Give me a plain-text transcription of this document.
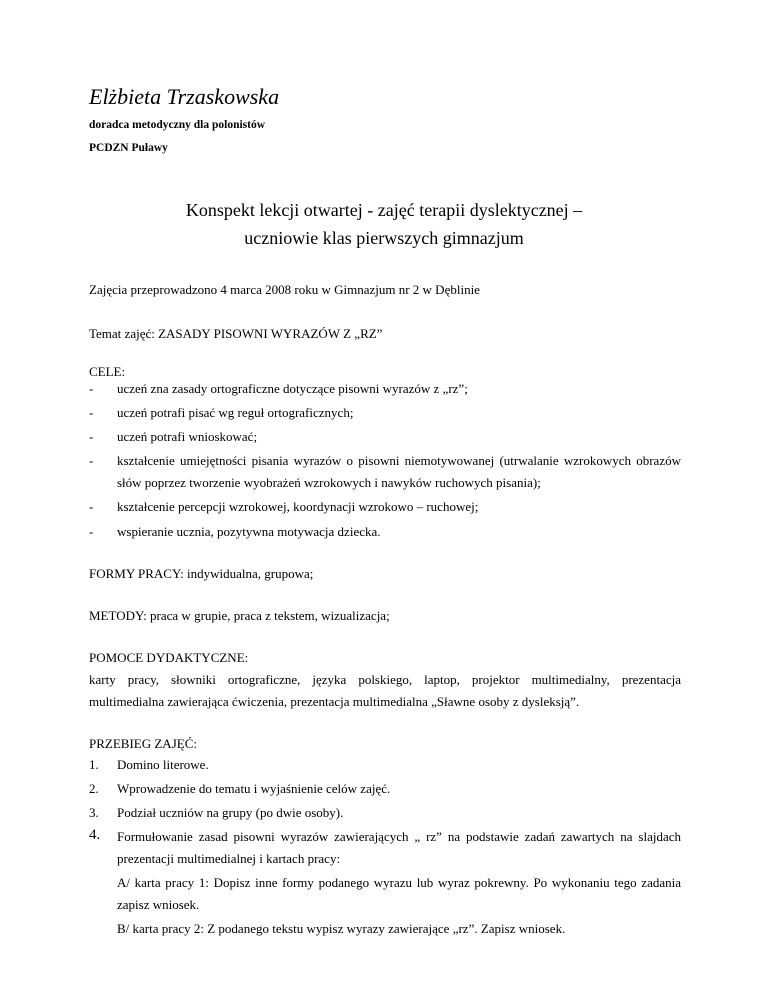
Elżbieta Trzaskowska
doradca metodyczny dla polonistów
PCDZN Puławy
Konspekt lekcji otwartej - zajęć terapii dyslektycznej –
uczniowie klas pierwszych gimnazjum
Zajęcia przeprowadzono 4 marca 2008 roku w Gimnazjum nr 2 w Dęblinie
Temat zajęć: ZASADY PISOWNI WYRAZÓW Z „RZ”
CELE:
- uczeń zna zasady ortograficzne dotyczące pisowni wyrazów z „rz”;
- uczeń potrafi pisać wg reguł ortograficznych;
- uczeń potrafi wnioskować;
- kształcenie umiejętności pisania wyrazów o pisowni niemotywowanej (utrwalanie wzrokowych obrazów
słów poprzez tworzenie wyobrażeń wzrokowych i nawyków ruchowych pisania);
- kształcenie percepcji wzrokowej, koordynacji wzrokowo – ruchowej;
- wspieranie ucznia, pozytywna motywacja dziecka.
FORMY PRACY: indywidualna, grupowa;
METODY: praca w grupie, praca z tekstem, wizualizacja;
POMOCE DYDAKTYCZNE:
karty pracy, słowniki ortograficzne, języka polskiego, laptop, projektor multimedialny, prezentacja
multimedialna zawierająca ćwiczenia, prezentacja multimedialna „Sławne osoby z dysleksją”.
PRZEBIEG ZAJĘĆ:
1. Domino literowe.
2. Wprowadzenie do tematu i wyjaśnienie celów zajęć.
3. Podział uczniów na grupy (po dwie osoby).
4. Formułowanie zasad pisowni wyrazów zawierających „ rz” na podstawie zadań zawartych na slajdach
prezentacji multimedialnej i kartach pracy:
A/ karta pracy 1: Dopisz inne formy podanego wyrazu lub wyraz pokrewny. Po wykonaniu tego zadania
zapisz wniosek.
B/ karta pracy 2: Z podanego tekstu wypisz wyrazy zawierające „rz”. Zapisz wniosek.
